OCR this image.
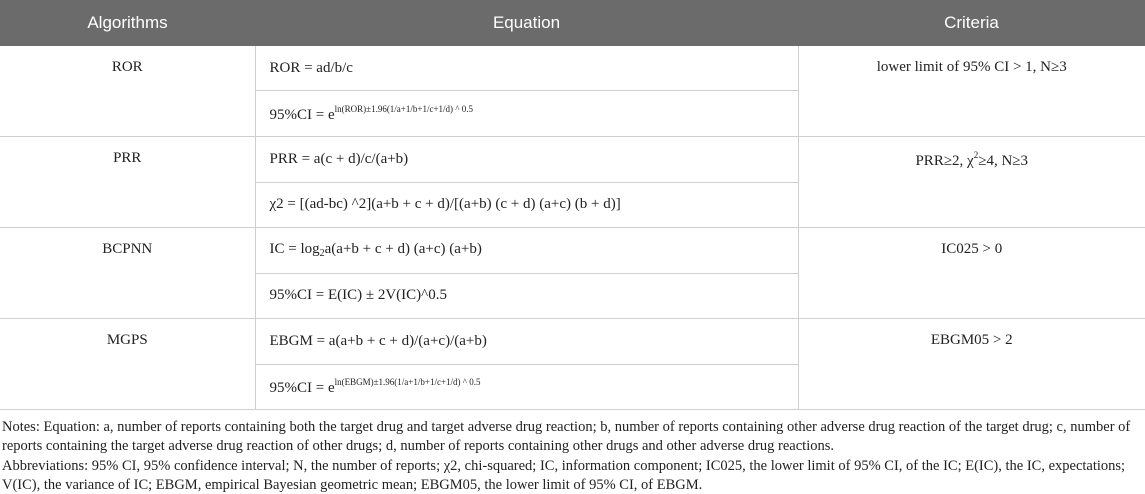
Algorithms	Equation	Criteria
ROR	ROR = ad/b/c	lower limit of 95% CI > 1, N≥3
	$95\%CI = e^{ln(ROR)\pm 1.96(1/a+1/b+1/c+1/d) \^{} 0.5}$
PRR	PRR = a(c + d)/c/(a+b)	PRR≥2, $\chi^2\ge 4$, N≥3
	χ2 = [(ad-bc) ^2](a+b + c + d)/[(a+b) (c + d) (a+c) (b + d)]	
BCPNN	IC = $\log_2a(a+b + c + d)$ (a+c) (a+b)	IC025 > 0
	95%CI = E(IC) ± 2V(IC)^0.5	
MGPS	EBGM = a(a+b + c + d)/(a+c)/(a+b)	EBGM05 > 2
	$95\%CI = e^{ln(EBGM)\pm 1.96(1/a+1/b+1/c+1/d) \^{} 0.5}$

Notes: Equation: a, number of reports containing both the target drug and target adverse drug reaction; b, number of reports containing other adverse drug reaction of the target drug; c, number of reports containing the target adverse drug reaction of other drugs; d, number of reports containing other drugs and other adverse drug reactions.

Abbreviations: 95% CI, 95% confidence interval; N, the number of reports; χ2, chi-squared; IC, information component; IC025, the lower limit of 95% CI, of the IC; E(IC), the IC, expectations; V(IC), the variance of IC; EBGM, empirical Bayesian geometric mean; EBGM05, the lower limit of 95% CI, of EBGM.
